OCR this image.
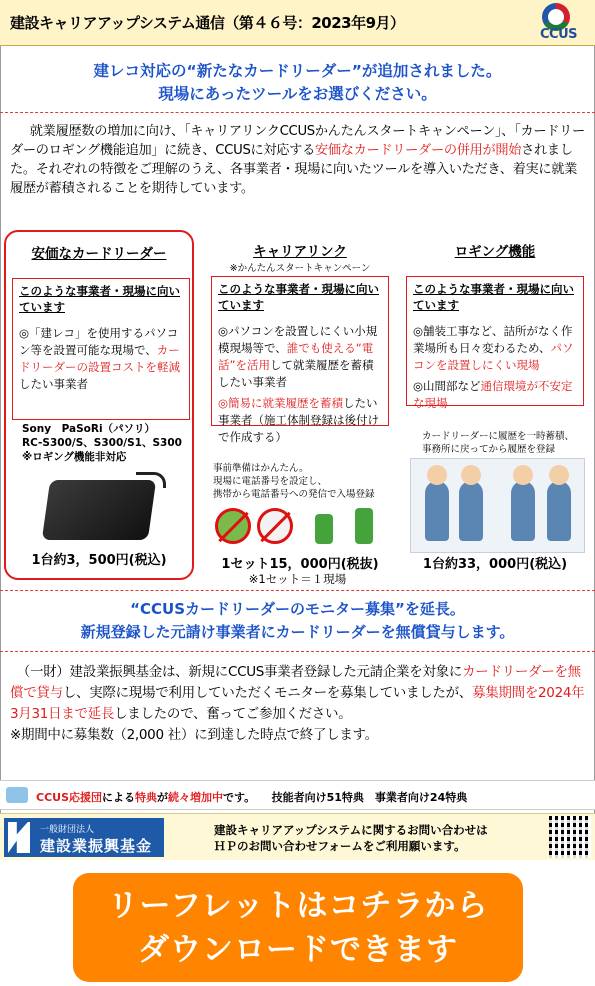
建設キャリアアップシステム通信（第４６号：2023年9月）
CCUS
建レコ対応の“新たなカードリーダー”が追加されました。
現場にあったツールをお選びください。
就業履歴数の増加に向け、「キャリアリンクCCUSかんたんスタートキャンペーン」、「カードリーダーのロギング機能追加」に続き、CCUSに対応する安価なカードリーダーの併用が開始されました。それぞれの特徴をご理解のうえ、各事業者・現場に向いたツールを導入いただき、着実に就業履歴が蓄積されることを期待しています。
安価なカードリーダー
このような事業者・現場に向いています

◎「建レコ」を使用するパソコン等を設置可能な現場で、カードリーダーの設置コストを軽減したい事業者

Sony　PaSoRi（パソリ）
RC-S300/S、S300/S1、S300
※ロギング機能非対応
1台約3，500円(税込)
キャリアリンク
※かんたんスタートキャンペーン
このような事業者・現場に向いています

◎パソコンを設置しにくい小規模現場等で、誰でも使える“電話”を活用して就業履歴を蓄積したい事業者

◎簡易に就業履歴を蓄積したい事業者（施工体制登録は後付けで作成する）

事前準備はかんたん。
現場に電話番号を設定し、
携帯から電話番号への発信で入場登録
1セット15，000円(税抜)
ロギング機能
このような事業者・現場に向いています

◎舗装工事など、詰所がなく作業場所も日々変わるため、パソコンを設置しにくい現場

◎山間部など通信環境が不安定な現場

カードリーダーに履歴を一時蓄積、
事務所に戻ってから履歴を登録
1台約33，000円(税込)
※1セット＝１現場
“CCUSカードリーダーのモニター募集”を延長。
新規登録した元請け事業者にカードリーダーを無償貸与します。
（一財）建設業振興基金は、新規にCCUS事業者登録した元請企業を対象にカードリーダーを無償で貸与し、実際に現場で利用していただくモニターを募集していましたが、募集期間を2024年3月31日まで延長しましたので、奮ってご参加ください。
※期間中に募集数（2,000 社）に到達した時点で終了します。
CCUS応援団による特典が続々増加中です。　　技能者向け51特典　事業者向け24特典
一般財団法人
建設業振興基金
建設キャリアアップシステムに関するお問い合わせは
ＨＰのお問い合わせフォームをご利用願います。
リーフレットはコチラから
ダウンロードできます
